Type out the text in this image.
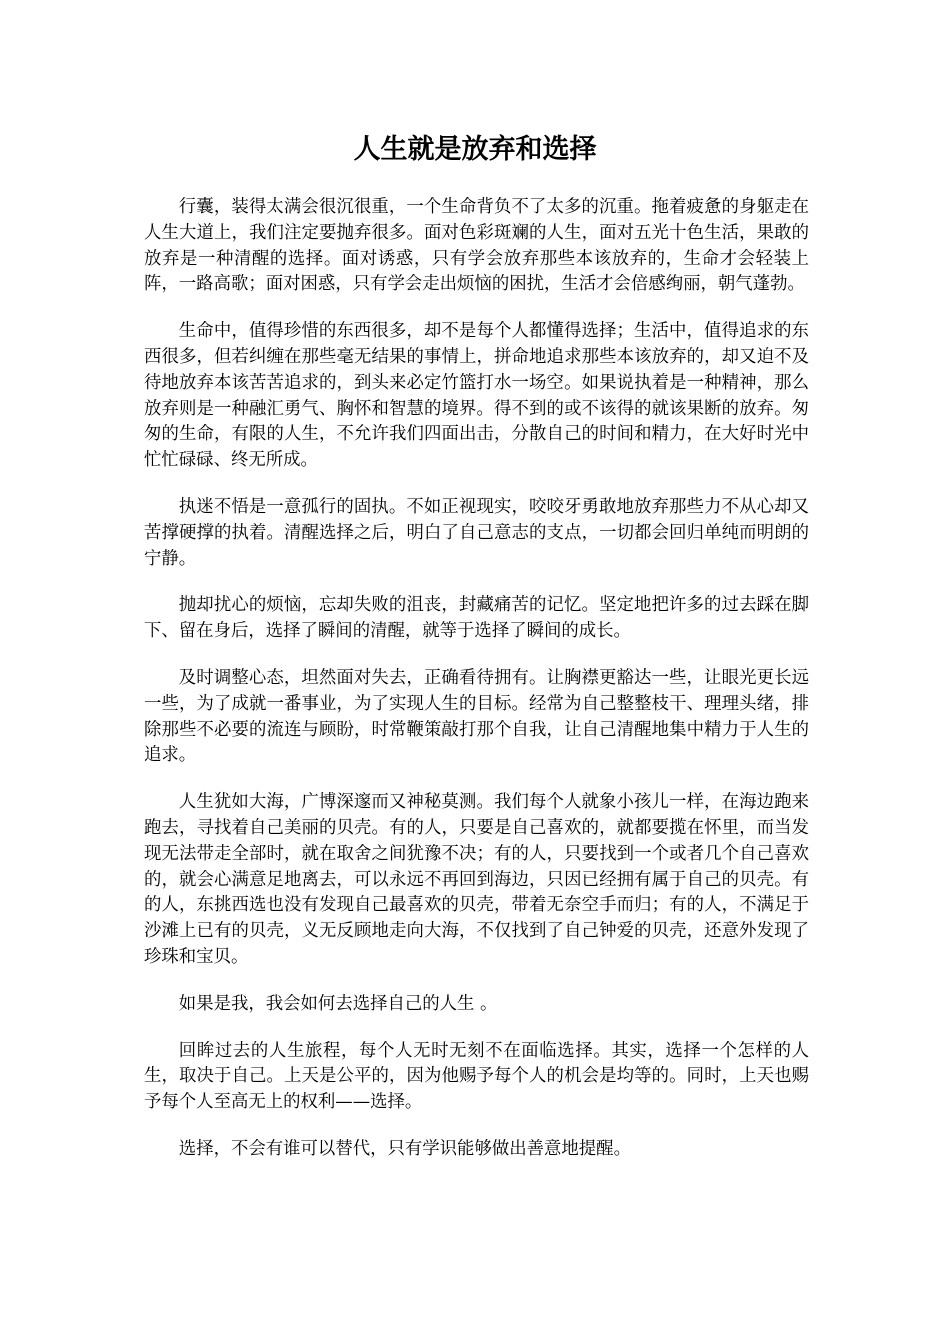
人生就是放弃和选择

行囊，装得太满会很沉很重，一个生命背负不了太多的沉重。拖着疲惫的身躯走在人生大道上，我们注定要抛弃很多。面对色彩斑斓的人生，面对五光十色生活，果敢的放弃是一种清醒的选择。面对诱惑，只有学会放弃那些本该放弃的，生命才会轻装上阵，一路高歌；面对困惑，只有学会走出烦恼的困扰，生活才会倍感绚丽，朝气蓬勃。

生命中，值得珍惜的东西很多，却不是每个人都懂得选择；生活中，值得追求的东西很多，但若纠缠在那些毫无结果的事情上，拼命地追求那些本该放弃的，却又迫不及待地放弃本该苦苦追求的，到头来必定竹篮打水一场空。如果说执着是一种精神，那么放弃则是一种融汇勇气、胸怀和智慧的境界。得不到的或不该得的就该果断的放弃。匆匆的生命，有限的人生，不允许我们四面出击，分散自己的时间和精力，在大好时光中忙忙碌碌、终无所成。

执迷不悟是一意孤行的固执。不如正视现实，咬咬牙勇敢地放弃那些力不从心却又苦撑硬撑的执着。清醒选择之后，明白了自己意志的支点，一切都会回归单纯而明朗的宁静。

抛却扰心的烦恼，忘却失败的沮丧，封藏痛苦的记忆。坚定地把许多的过去踩在脚下、留在身后，选择了瞬间的清醒，就等于选择了瞬间的成长。

及时调整心态，坦然面对失去，正确看待拥有。让胸襟更豁达一些，让眼光更长远一些，为了成就一番事业，为了实现人生的目标。经常为自己整整枝干、理理头绪，排除那些不必要的流连与顾盼，时常鞭策敲打那个自我，让自己清醒地集中精力于人生的追求。

人生犹如大海，广博深邃而又神秘莫测。我们每个人就象小孩儿一样，在海边跑来跑去，寻找着自己美丽的贝壳。有的人，只要是自己喜欢的，就都要揽在怀里，而当发现无法带走全部时，就在取舍之间犹豫不决；有的人，只要找到一个或者几个自己喜欢的，就会心满意足地离去，可以永远不再回到海边，只因已经拥有属于自己的贝壳。有的人，东挑西选也没有发现自己最喜欢的贝壳，带着无奈空手而归；有的人，不满足于沙滩上已有的贝壳，义无反顾地走向大海，不仅找到了自己钟爱的贝壳，还意外发现了珍珠和宝贝。

如果是我，我会如何去选择自己的人生 。

回眸过去的人生旅程，每个人无时无刻不在面临选择。其实，选择一个怎样的人生，取决于自己。上天是公平的，因为他赐予每个人的机会是均等的。同时，上天也赐予每个人至高无上的权利——选择。

选择，不会有谁可以替代，只有学识能够做出善意地提醒。
